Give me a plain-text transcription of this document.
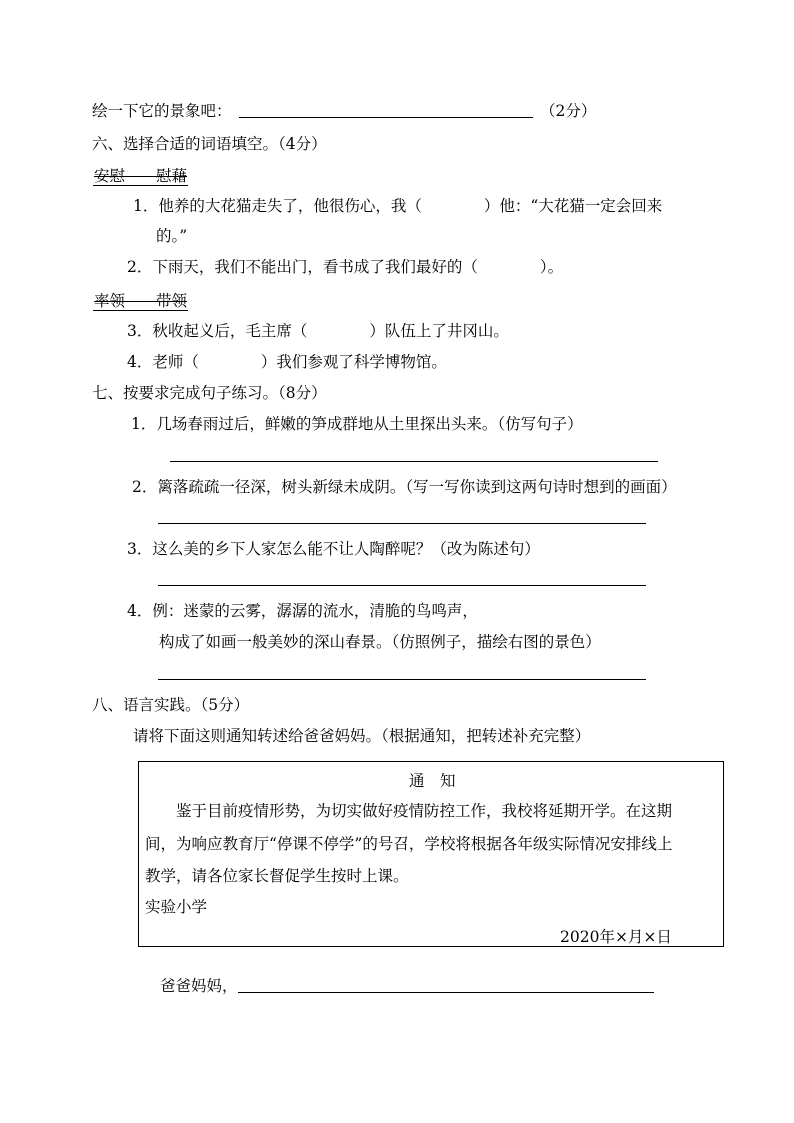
绘一下它的景象吧：	（2分）
六、选择合适的词语填空。（4分）
安慰　　慰藉
1．他养的大花猫走失了，他很伤心，我（　　　　）他：“大花猫一定会回来
的。”
2．下雨天，我们不能出门，看书成了我们最好的（　　　　）。
率领　　带领
3．秋收起义后，毛主席（　　　　）队伍上了井冈山。
4．老师（　　　　）我们参观了科学博物馆。
七、按要求完成句子练习。（8分）
1．几场春雨过后，鲜嫩的笋成群地从土里探出头来。（仿写句子）
2．篱落疏疏一径深，树头新绿未成阴。（写一写你读到这两句诗时想到的画面）
3．这么美的乡下人家怎么能不让人陶醉呢？（改为陈述句）
4．例：迷蒙的云雾，潺潺的流水，清脆的鸟鸣声，
构成了如画一般美妙的深山春景。（仿照例子，描绘右图的景色）
八、语言实践。（5分）
请将下面这则通知转述给爸爸妈妈。（根据通知，把转述补充完整）
通　知
鉴于目前疫情形势，为切实做好疫情防控工作，我校将延期开学。在这期
间，为响应教育厅“停课不停学”的号召，学校将根据各年级实际情况安排线上
教学，请各位家长督促学生按时上课。
实验小学
2020年×月×日
爸爸妈妈，
